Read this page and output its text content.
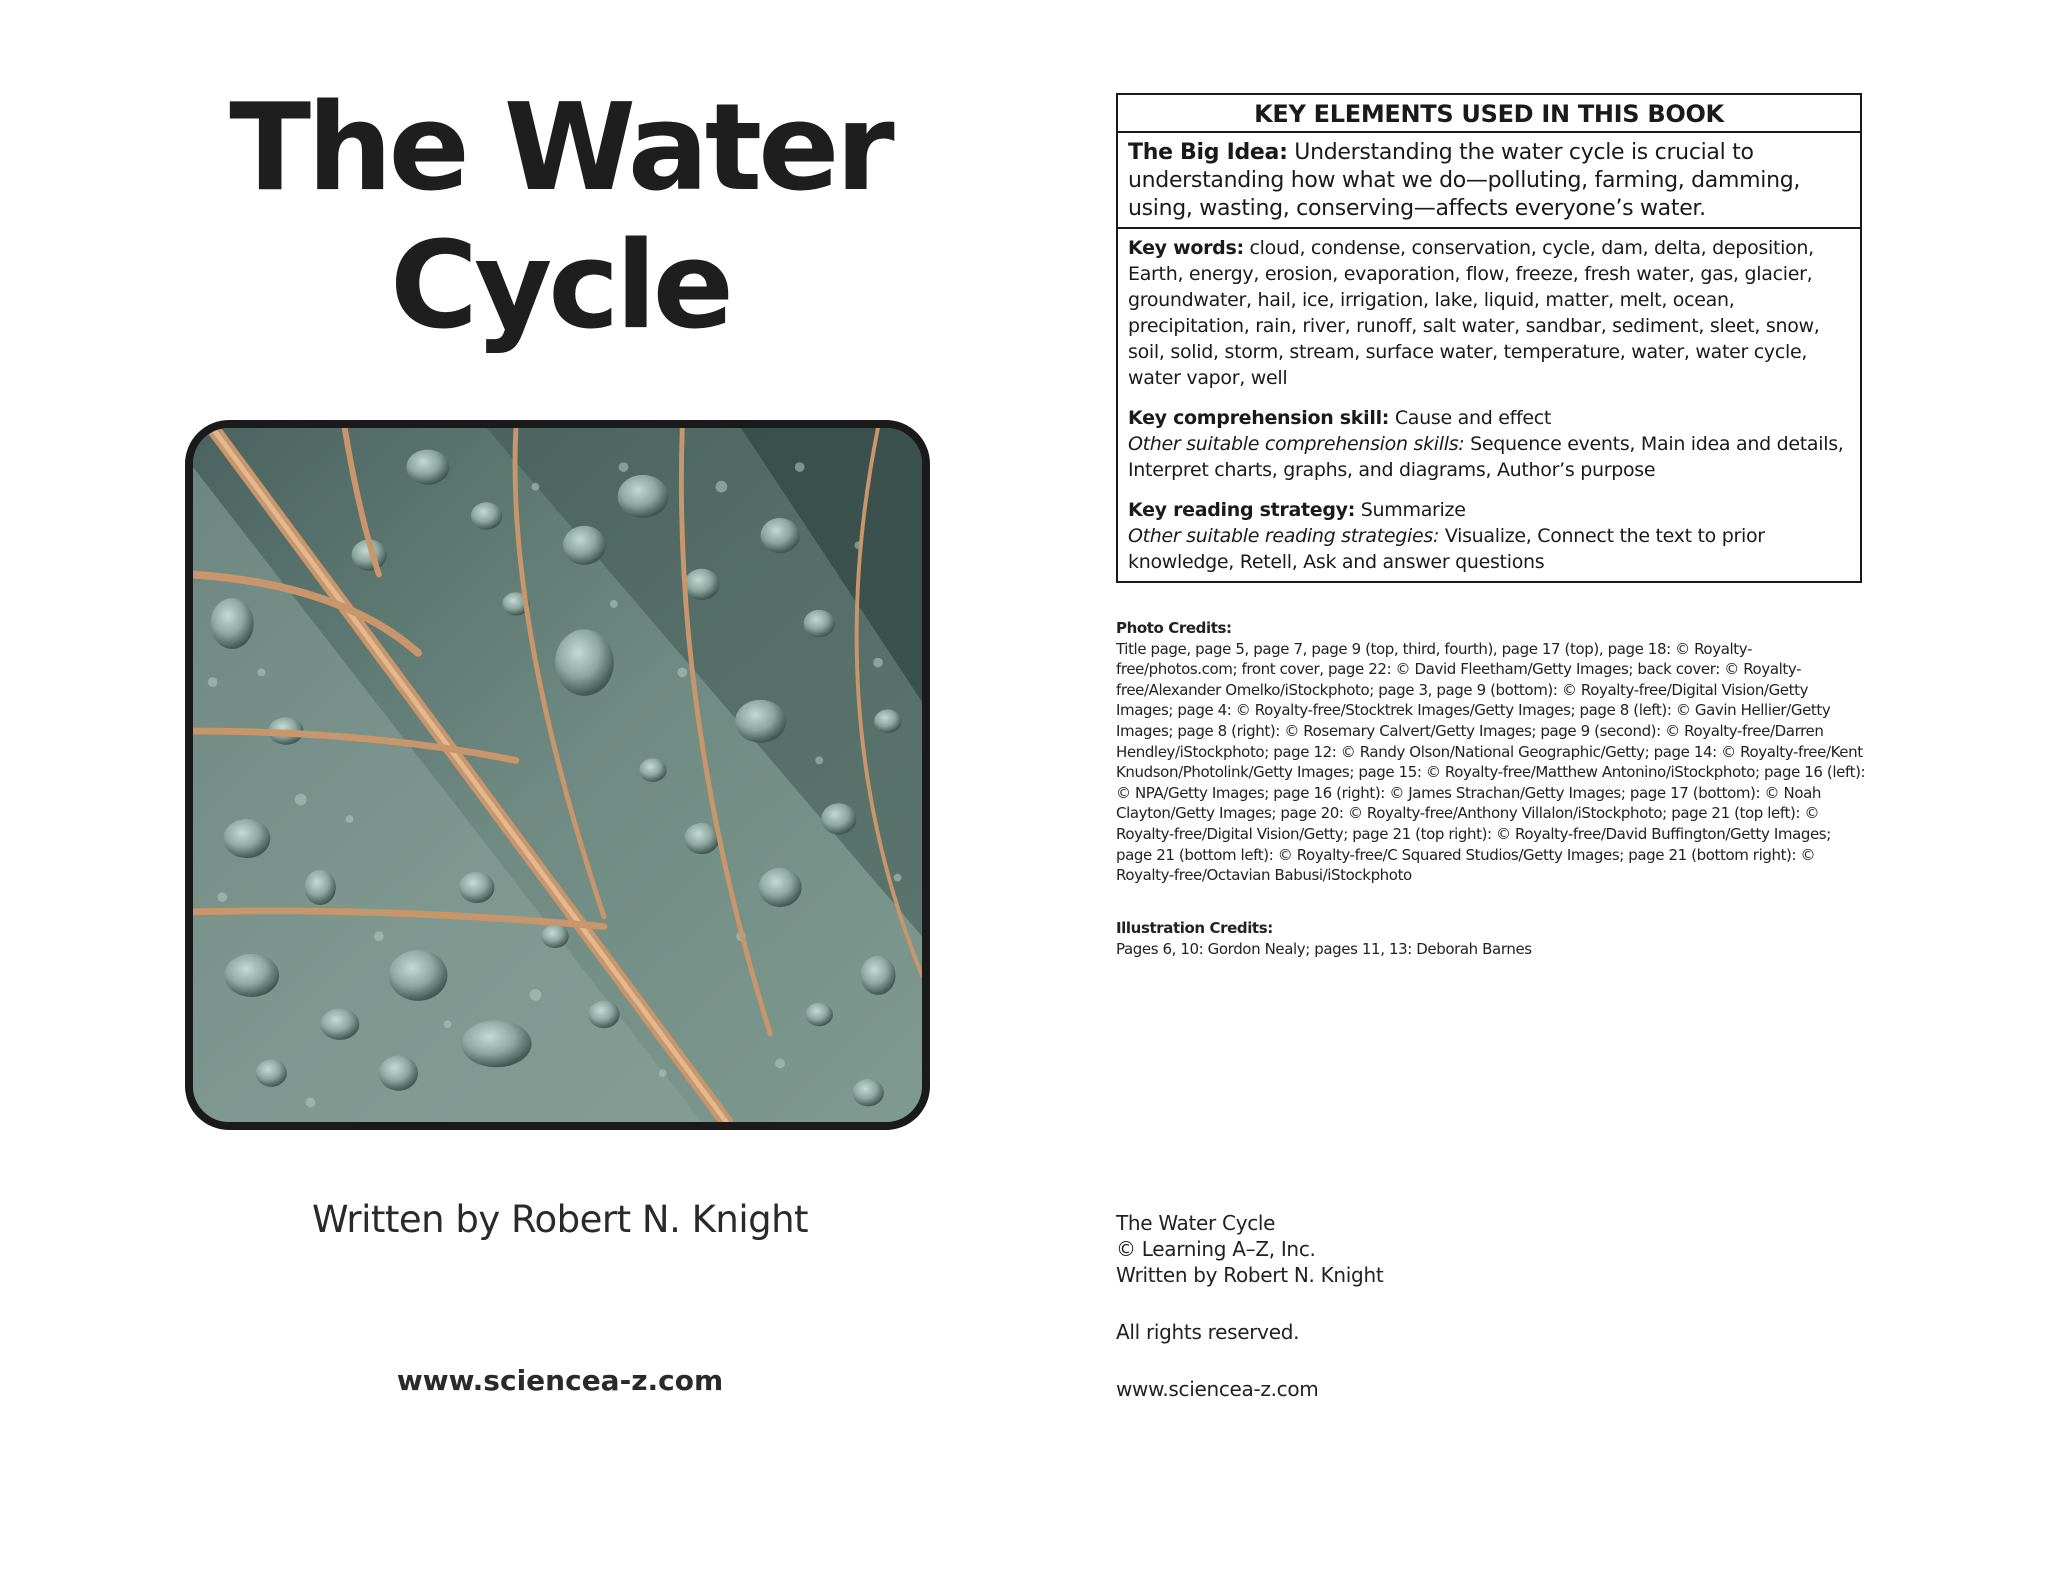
The Water
Cycle
Written by Robert N. Knight
www.sciencea-z.com
KEY ELEMENTS USED IN THIS BOOK
The Big Idea: Understanding the water cycle is crucial to understanding how what we do—polluting, farming, damming, using, wasting, conserving—affects everyone’s water.

Key words: cloud, condense, conservation, cycle, dam, delta, deposition, Earth, energy, erosion, evaporation, flow, freeze, fresh water, gas, glacier, groundwater, hail, ice, irrigation, lake, liquid, matter, melt, ocean, precipitation, rain, river, runoff, salt water, sandbar, sediment, sleet, snow, soil, solid, storm, stream, surface water, temperature, water, water cycle, water vapor, well

Key comprehension skill: Cause and effect
Other suitable comprehension skills: Sequence events, Main idea and details, Interpret charts, graphs, and diagrams, Author’s purpose

Key reading strategy: Summarize
Other suitable reading strategies: Visualize, Connect the text to prior knowledge, Retell, Ask and answer questions

Photo Credits:
Title page, page 5, page 7, page 9 (top, third, fourth), page 17 (top), page 18: © Royalty-free/photos.com; front cover, page 22: © David Fleetham/Getty Images; back cover: © Royalty-free/Alexander Omelko/iStockphoto; page 3, page 9 (bottom): © Royalty-free/Digital Vision/Getty Images; page 4: © Royalty-free/Stocktrek Images/Getty Images; page 8 (left): © Gavin Hellier/Getty Images; page 8 (right): © Rosemary Calvert/Getty Images; page 9 (second): © Royalty-free/Darren Hendley/iStockphoto; page 12: © Randy Olson/National Geographic/Getty; page 14: © Royalty-free/Kent Knudson/Photolink/Getty Images; page 15: © Royalty-free/Matthew Antonino/iStockphoto; page 16 (left): © NPA/Getty Images; page 16 (right): © James Strachan/Getty Images; page 17 (bottom): © Noah Clayton/Getty Images; page 20: © Royalty-free/Anthony Villalon/iStockphoto; page 21 (top left): © Royalty-free/Digital Vision/Getty; page 21 (top right): © Royalty-free/David Buffington/Getty Images; page 21 (bottom left): © Royalty-free/C Squared Studios/Getty Images; page 21 (bottom right): © Royalty-free/Octavian Babusi/iStockphoto
Illustration Credits:
Pages 6, 10: Gordon Nealy; pages 11, 13: Deborah Barnes
The Water Cycle
© Learning A–Z, Inc.
Written by Robert N. Knight
All rights reserved.
www.sciencea-z.com
